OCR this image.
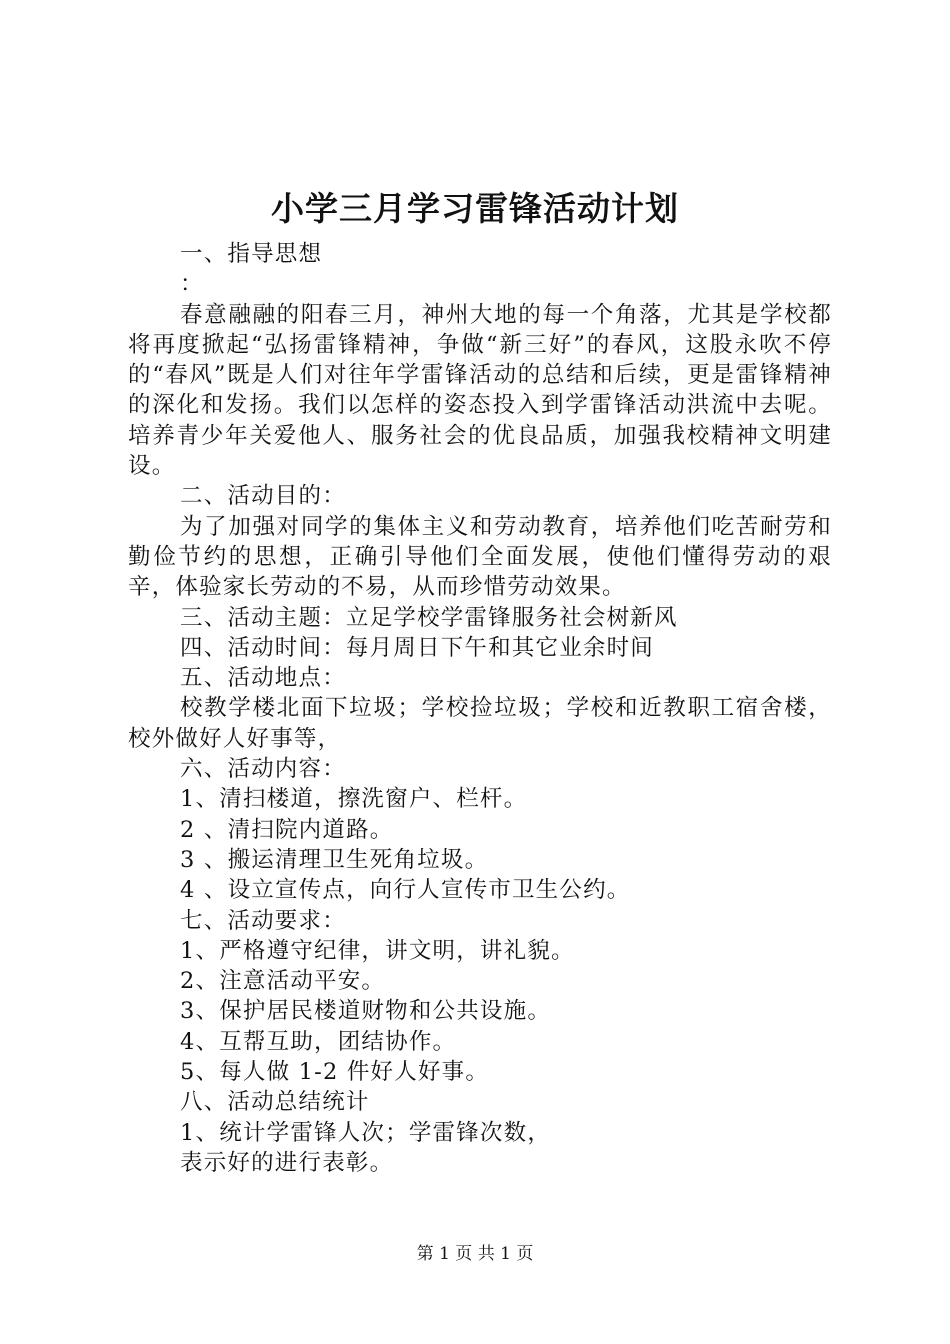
小学三月学习雷锋活动计划

一、指导思想

：

春意融融的阳春三月，神州大地的每一个角落，尤其是学校都将再度掀起“弘扬雷锋精神，争做“新三好”的春风，这股永吹不停的“春风”既是人们对往年学雷锋活动的总结和后续，更是雷锋精神的深化和发扬。我们以怎样的姿态投入到学雷锋活动洪流中去呢。培养青少年关爱他人、服务社会的优良品质，加强我校精神文明建设。

二、活动目的：

为了加强对同学的集体主义和劳动教育，培养他们吃苦耐劳和勤俭节约的思想，正确引导他们全面发展，使他们懂得劳动的艰辛，体验家长劳动的不易，从而珍惜劳动效果。

三、活动主题：立足学校学雷锋服务社会树新风

四、活动时间：每月周日下午和其它业余时间

五、活动地点：

校教学楼北面下垃圾；学校捡垃圾；学校和近教职工宿舍楼，校外做好人好事等，

六、活动内容：

1、清扫楼道，擦洗窗户、栏杆。

2 、清扫院内道路。

3 、搬运清理卫生死角垃圾。

4 、设立宣传点，向行人宣传市卫生公约。

七、活动要求：

1、严格遵守纪律，讲文明，讲礼貌。

2、注意活动平安。

3、保护居民楼道财物和公共设施。

4、互帮互助，团结协作。

5、每人做 1-2 件好人好事。

八、活动总结统计

1、统计学雷锋人次；学雷锋次数，

表示好的进行表彰。

第 1 页 共 1 页
